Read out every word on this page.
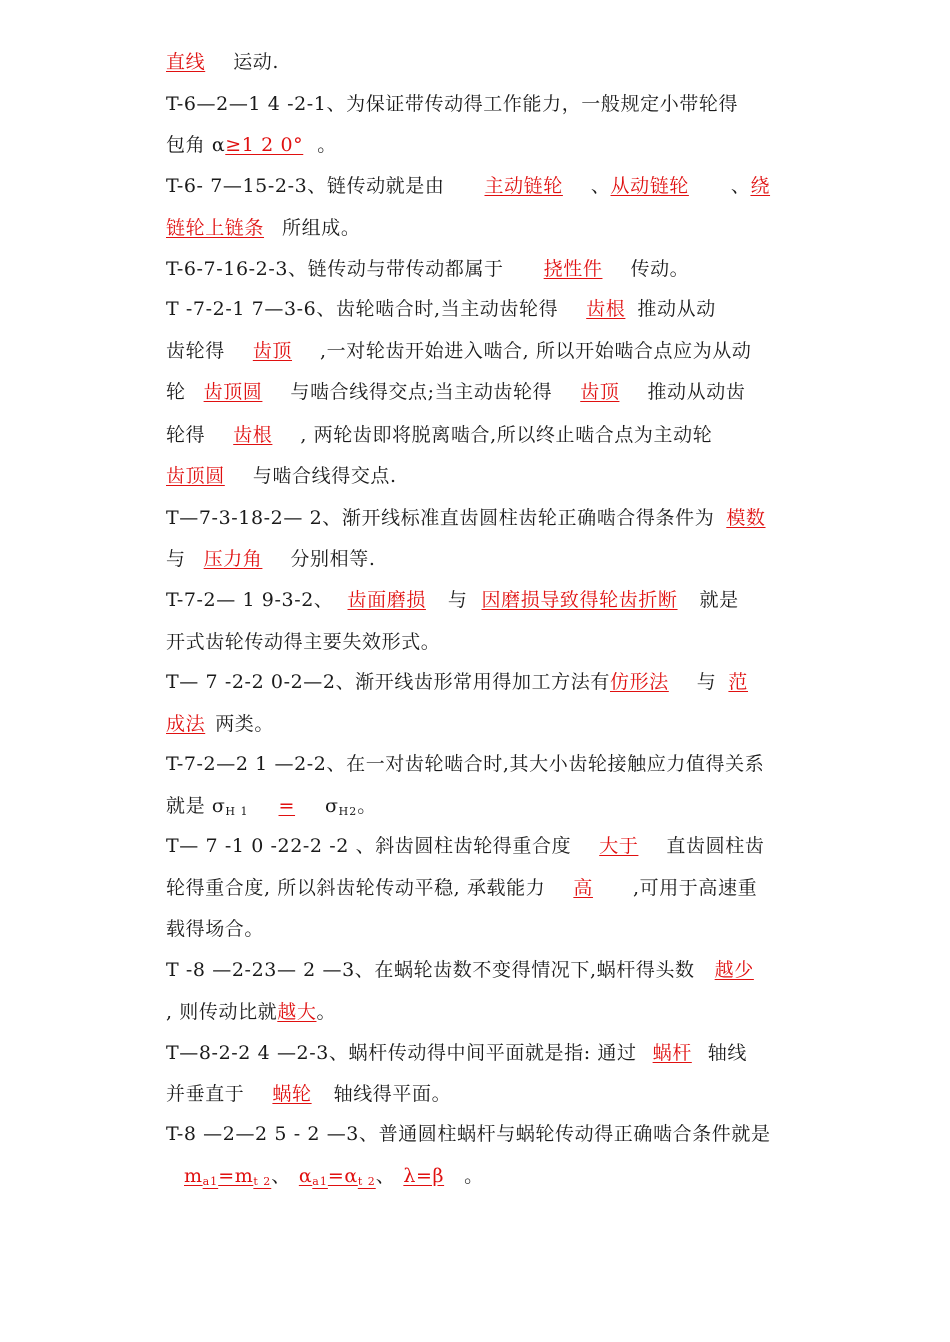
直线 运动.
T-6—2—1 4 -2-1、为保证带传动得工作能力，一般规定小带轮得
包角 α≥1 2 0° 。
T-6- 7—15-2-3、链传动就是由 主动链轮 、从动链轮 、绕
链轮上链条 所组成。
T-6-7-16-2-3、链传动与带传动都属于 挠性件 传动。
T -7-2-1 7—3-6、齿轮啮合时,当主动齿轮得 齿根 推动从动
齿轮得 齿顶 ,一对轮齿开始进入啮合, 所以开始啮合点应为从动
轮 齿顶圆 与啮合线得交点;当主动齿轮得 齿顶 推动从动齿
轮得 齿根 , 两轮齿即将脱离啮合,所以终止啮合点为主动轮
齿顶圆 与啮合线得交点.
T—7-3-18-2— 2、渐开线标准直齿圆柱齿轮正确啮合得条件为 模数
与 压力角 分别相等.
T-7-2— 1 9-3-2、 齿面磨损 与 因磨损导致得轮齿折断 就是
开式齿轮传动得主要失效形式。
T— 7 -2-2 0-2—2、渐开线齿形常用得加工方法有仿形法 与 范
成法 两类。
T-7-2—2 1 —2-2、在一对齿轮啮合时,其大小齿轮接触应力值得关系
就是 $\sigma_{H 1} = \sigma_{H2}$。
T— 7 -1 0 -22-2 -2 、斜齿圆柱齿轮得重合度 大于 直齿圆柱齿
轮得重合度, 所以斜齿轮传动平稳, 承载能力 高 ,可用于高速重
载得场合。
T -8 —2-23— 2 —3、在蜗轮齿数不变得情况下,蜗杆得头数 越少
, 则传动比就越大。
T—8-2-2 4 —2-3、蜗杆传动得中间平面就是指: 通过 蜗杆 轴线
并垂直于 蜗轮 轴线得平面。
T-8 —2—2 5 - 2 —3、普通圆柱蜗杆与蜗轮传动得正确啮合条件就是
$m_{a1}=m_{t 2}$、 $\alpha_{a1}=\alpha_{t 2}$、 λ=β 。
